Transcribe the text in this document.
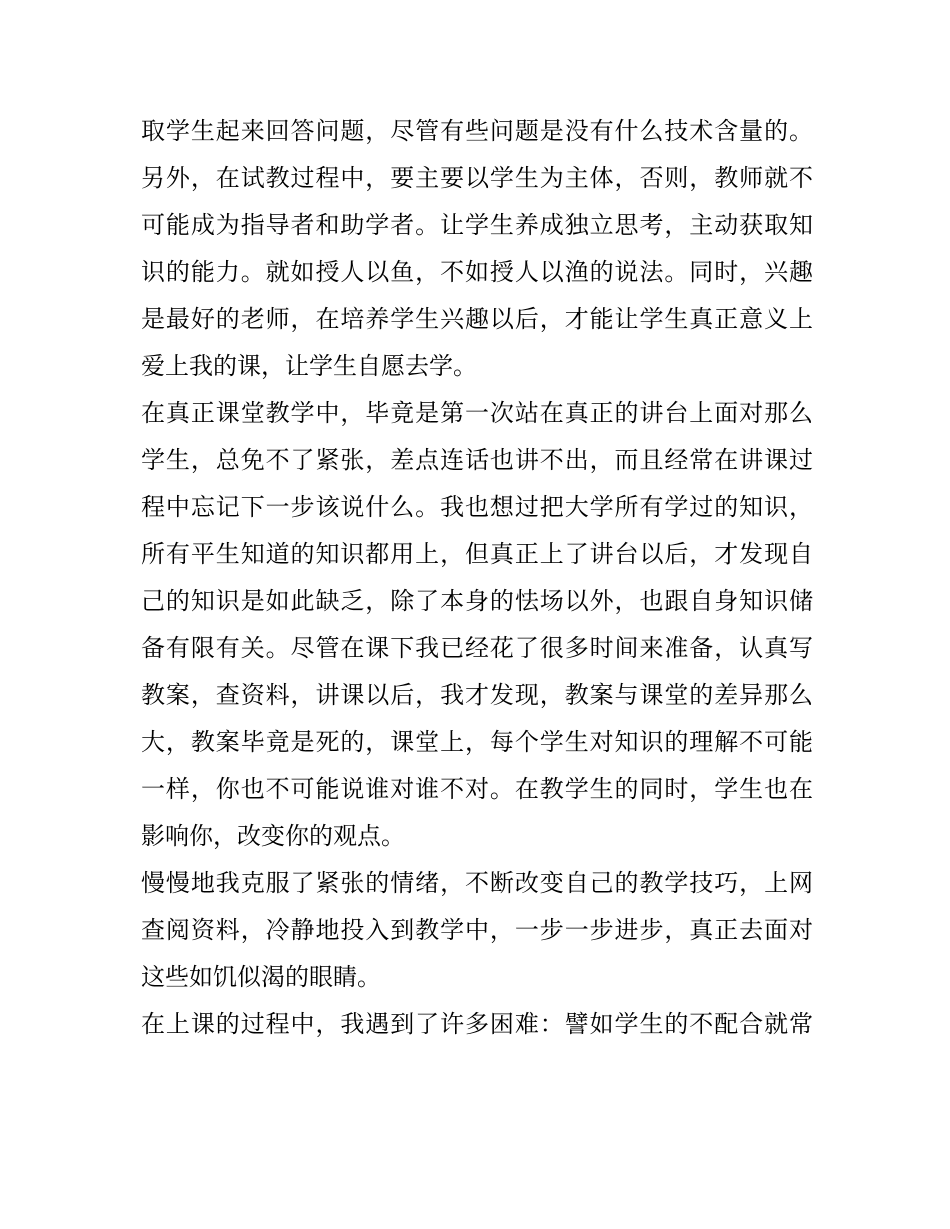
取学生起来回答问题，尽管有些问题是没有什么技术含量的。
另外，在试教过程中，要主要以学生为主体，否则，教师就不
可能成为指导者和助学者。让学生养成独立思考，主动获取知
识的能力。就如授人以鱼，不如授人以渔的说法。同时，兴趣
是最好的老师，在培养学生兴趣以后，才能让学生真正意义上
爱上我的课，让学生自愿去学。
在真正课堂教学中，毕竟是第一次站在真正的讲台上面对那么
学生，总免不了紧张，差点连话也讲不出，而且经常在讲课过
程中忘记下一步该说什么。我也想过把大学所有学过的知识，
所有平生知道的知识都用上，但真正上了讲台以后，才发现自
己的知识是如此缺乏，除了本身的怯场以外，也跟自身知识储
备有限有关。尽管在课下我已经花了很多时间来准备，认真写
教案，查资料，讲课以后，我才发现，教案与课堂的差异那么
大，教案毕竟是死的，课堂上，每个学生对知识的理解不可能
一样，你也不可能说谁对谁不对。在教学生的同时，学生也在
影响你，改变你的观点。
慢慢地我克服了紧张的情绪，不断改变自己的教学技巧，上网
查阅资料，冷静地投入到教学中，一步一步进步，真正去面对
这些如饥似渴的眼睛。
在上课的过程中，我遇到了许多困难：譬如学生的不配合就常
